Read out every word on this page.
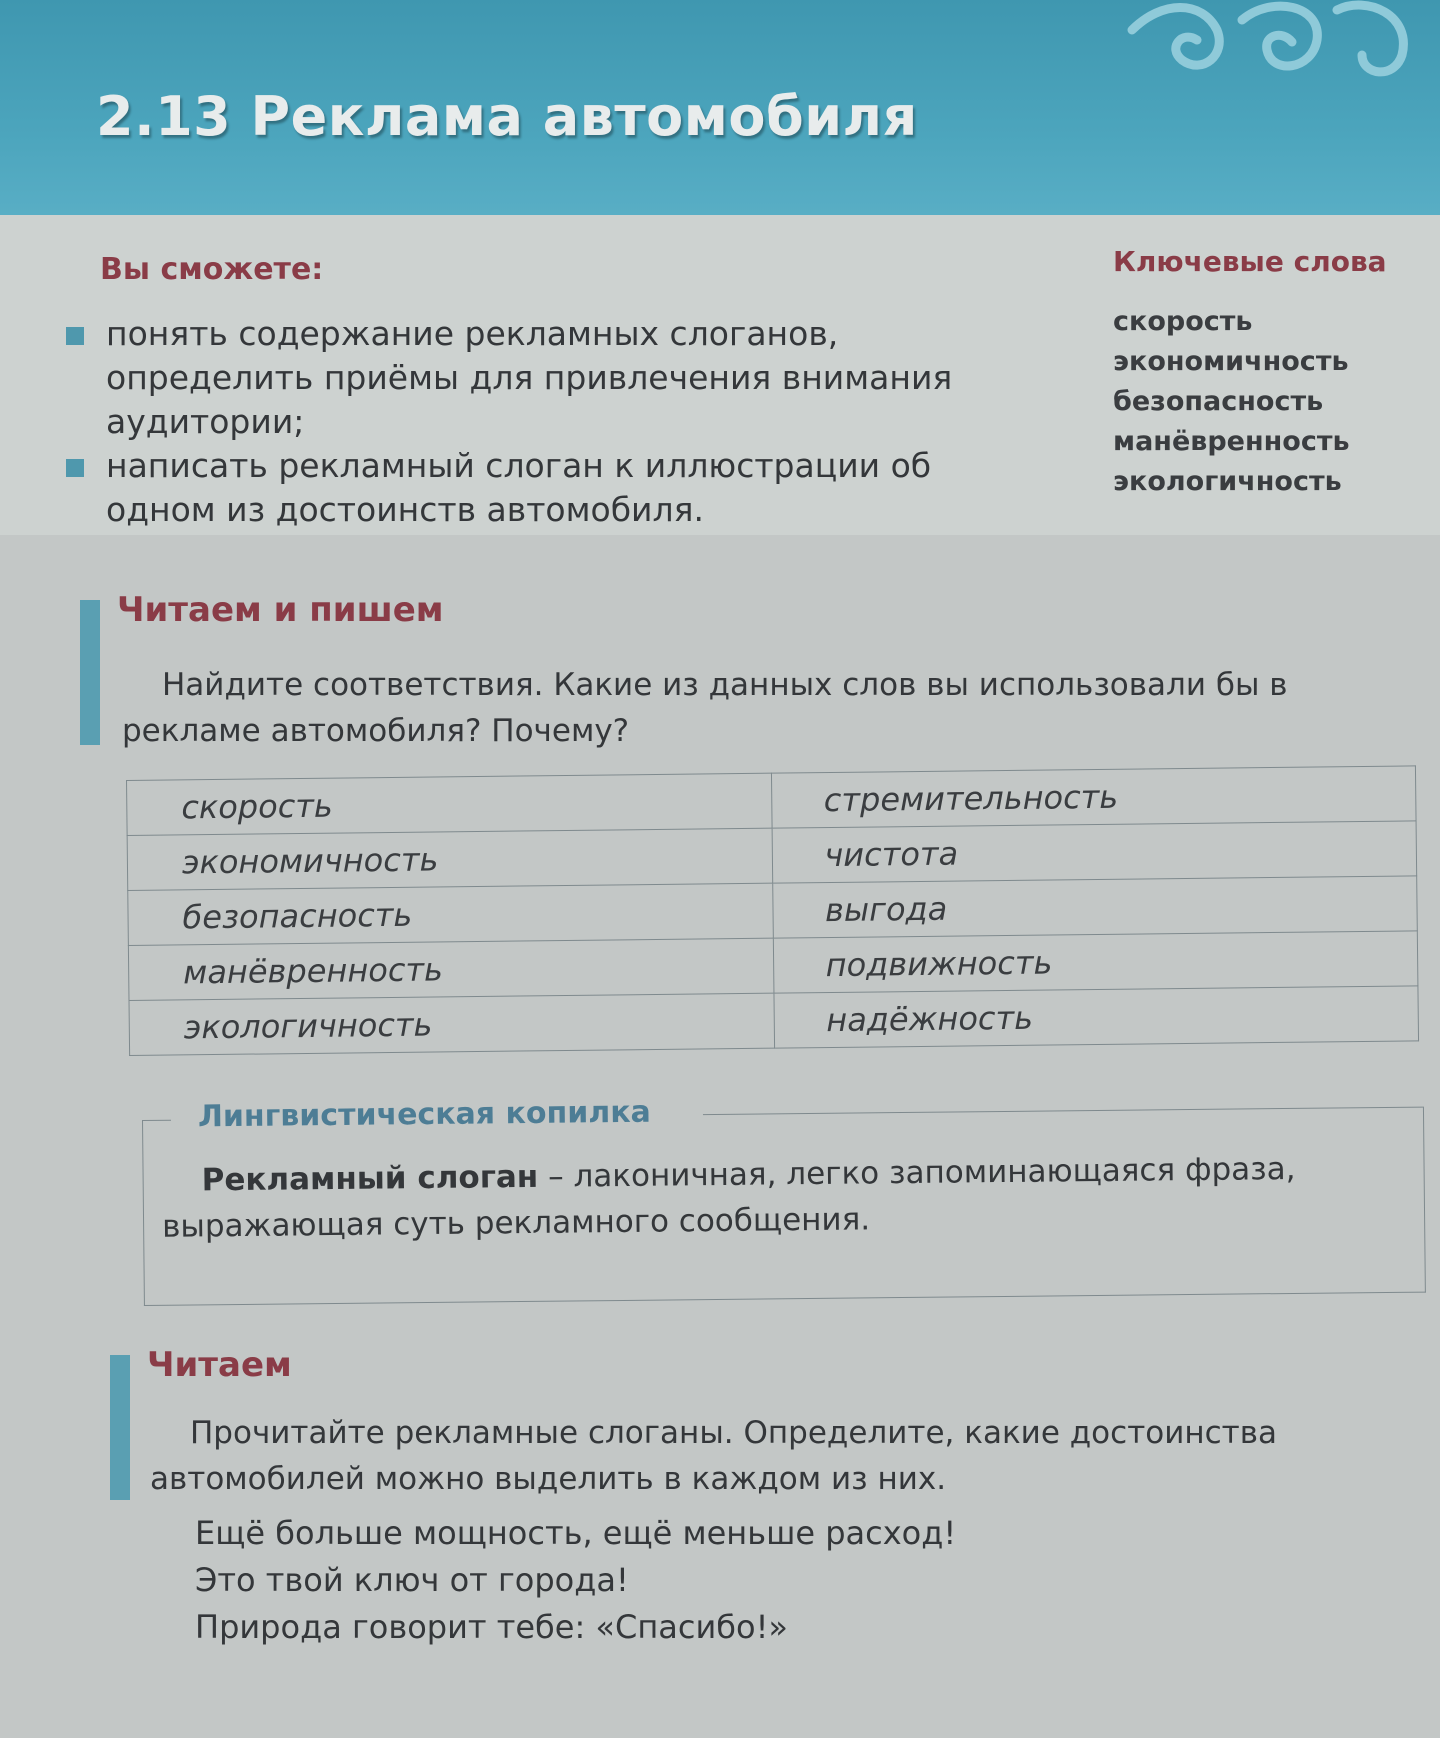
2.13 Реклама автомобиля
Вы сможете:
понять содержание рекламных слоганов, определить приёмы для привлечения внимания аудитории;
написать рекламный слоган к иллюстрации об одном из достоинств автомобиля.
Ключевые слова
скорость
экономичность
безопасность
манёвренность
экологичность
Читаем и пишем

Найдите соответствия. Какие из данных слов вы использовали бы в рекламе автомобиля? Почему?

скорость	стремительность
экономичность	чистота
безопасность	выгода
манёвренность	подвижность
экологичность	надёжность
Лингвистическая копилка

Рекламный слоган – лаконичная, легко запоминающаяся фраза, выражающая суть рекламного сообщения.

Читаем

Прочитайте рекламные слоганы. Определите, какие достоинства автомобилей можно выделить в каждом из них.

Ещё больше мощность, ещё меньше расход!
Это твой ключ от города!
Природа говорит тебе: «Спасибо!»
